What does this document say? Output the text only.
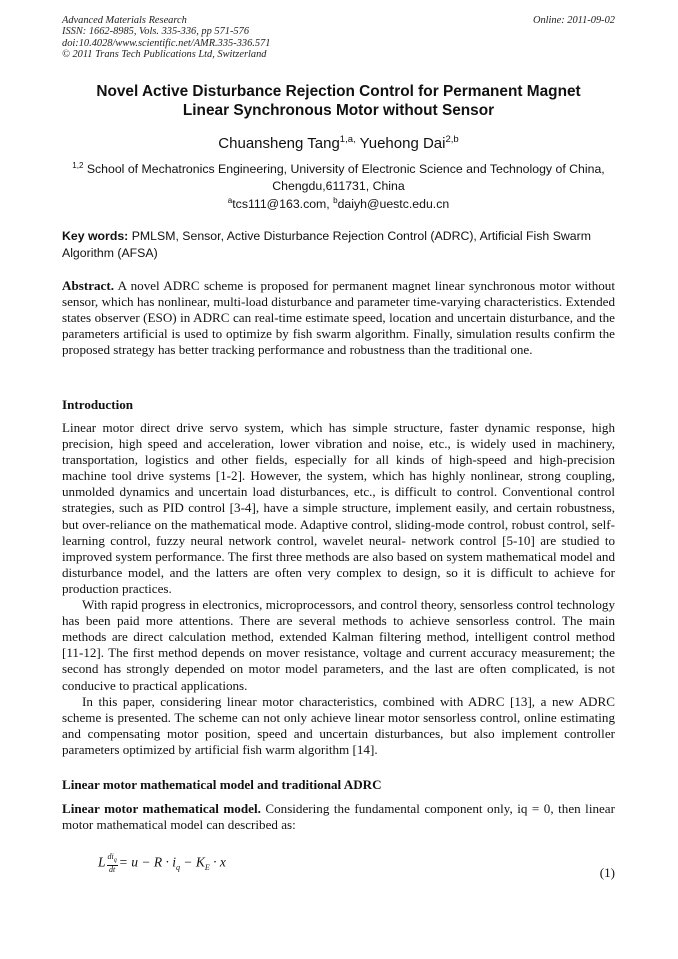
Advanced Materials Research
ISSN: 1662-8985, Vols. 335-336, pp 571-576
doi:10.4028/www.scientific.net/AMR.335-336.571
© 2011 Trans Tech Publications Ltd, Switzerland
Online: 2011-09-02
Novel Active Disturbance Rejection Control for Permanent Magnet
Linear Synchronous Motor without Sensor
Chuansheng Tang$^{1,a,}$ Yuehong Dai$^{2,b}$
$^{1,2}$ School of Mechatronics Engineering, University of Electronic Science and Technology of China,
Chengdu,611731, China
$^a$tcs111@163.com, $^b$daiyh@uestc.edu.cn
Key words: PMLSM, Sensor, Active Disturbance Rejection Control (ADRC), Artificial Fish Swarm Algorithm (AFSA)

Abstract. A novel ADRC scheme is proposed for permanent magnet linear synchronous motor without sensor, which has nonlinear, multi-load disturbance and parameter time-varying characteristics. Extended states observer (ESO) in ADRC can real-time estimate speed, location and uncertain disturbance, and the parameters artificial is used to optimize by fish swarm algorithm. Finally, simulation results confirm the proposed strategy has better tracking performance and robustness than the traditional one.

Introduction

Linear motor direct drive servo system, which has simple structure, faster dynamic response, high precision, high speed and acceleration, lower vibration and noise, etc., is widely used in machinery, transportation, logistics and other fields, especially for all kinds of high-speed and high-precision machine tool drive systems [1-2]. However, the system, which has highly nonlinear, strong coupling, unmolded dynamics and uncertain load disturbances, etc., is difficult to control. Conventional control strategies, such as PID control [3-4], have a simple structure, implement easily, and certain robustness, but over-reliance on the mathematical mode. Adaptive control, sliding-mode control, robust control, self-learning control, fuzzy neural network control, wavelet neural- network control [5-10] are studied to improved system performance. The first three methods are also based on system mathematical model and disturbance model, and the latters are often very complex to design, so it is difficult to achieve for production practices.

With rapid progress in electronics, microprocessors, and control theory, sensorless control technology has been paid more attentions. There are several methods to achieve sensorless control. The main methods are direct calculation method, extended Kalman filtering method, intelligent control method [11-12]. The first method depends on mover resistance, voltage and current accuracy measurement; the second has strongly depended on motor model parameters, and the last are often complicated, is not conducive to practical applications.

In this paper, considering linear motor characteristics, combined with ADRC [13], a new ADRC scheme is presented. The scheme can not only achieve linear motor sensorless control, online estimating and compensating motor position, speed and uncertain disturbances, but also implement controller parameters optimized by artificial fish warm algorithm [14].

Linear motor mathematical model and traditional ADRC

Linear motor mathematical model. Considering the fundamental component only, iq = 0, then linear motor mathematical model can described as:

L $\frac{di_q}{dt} = u - R \cdot i_q - K_E \cdot x$
(1)
